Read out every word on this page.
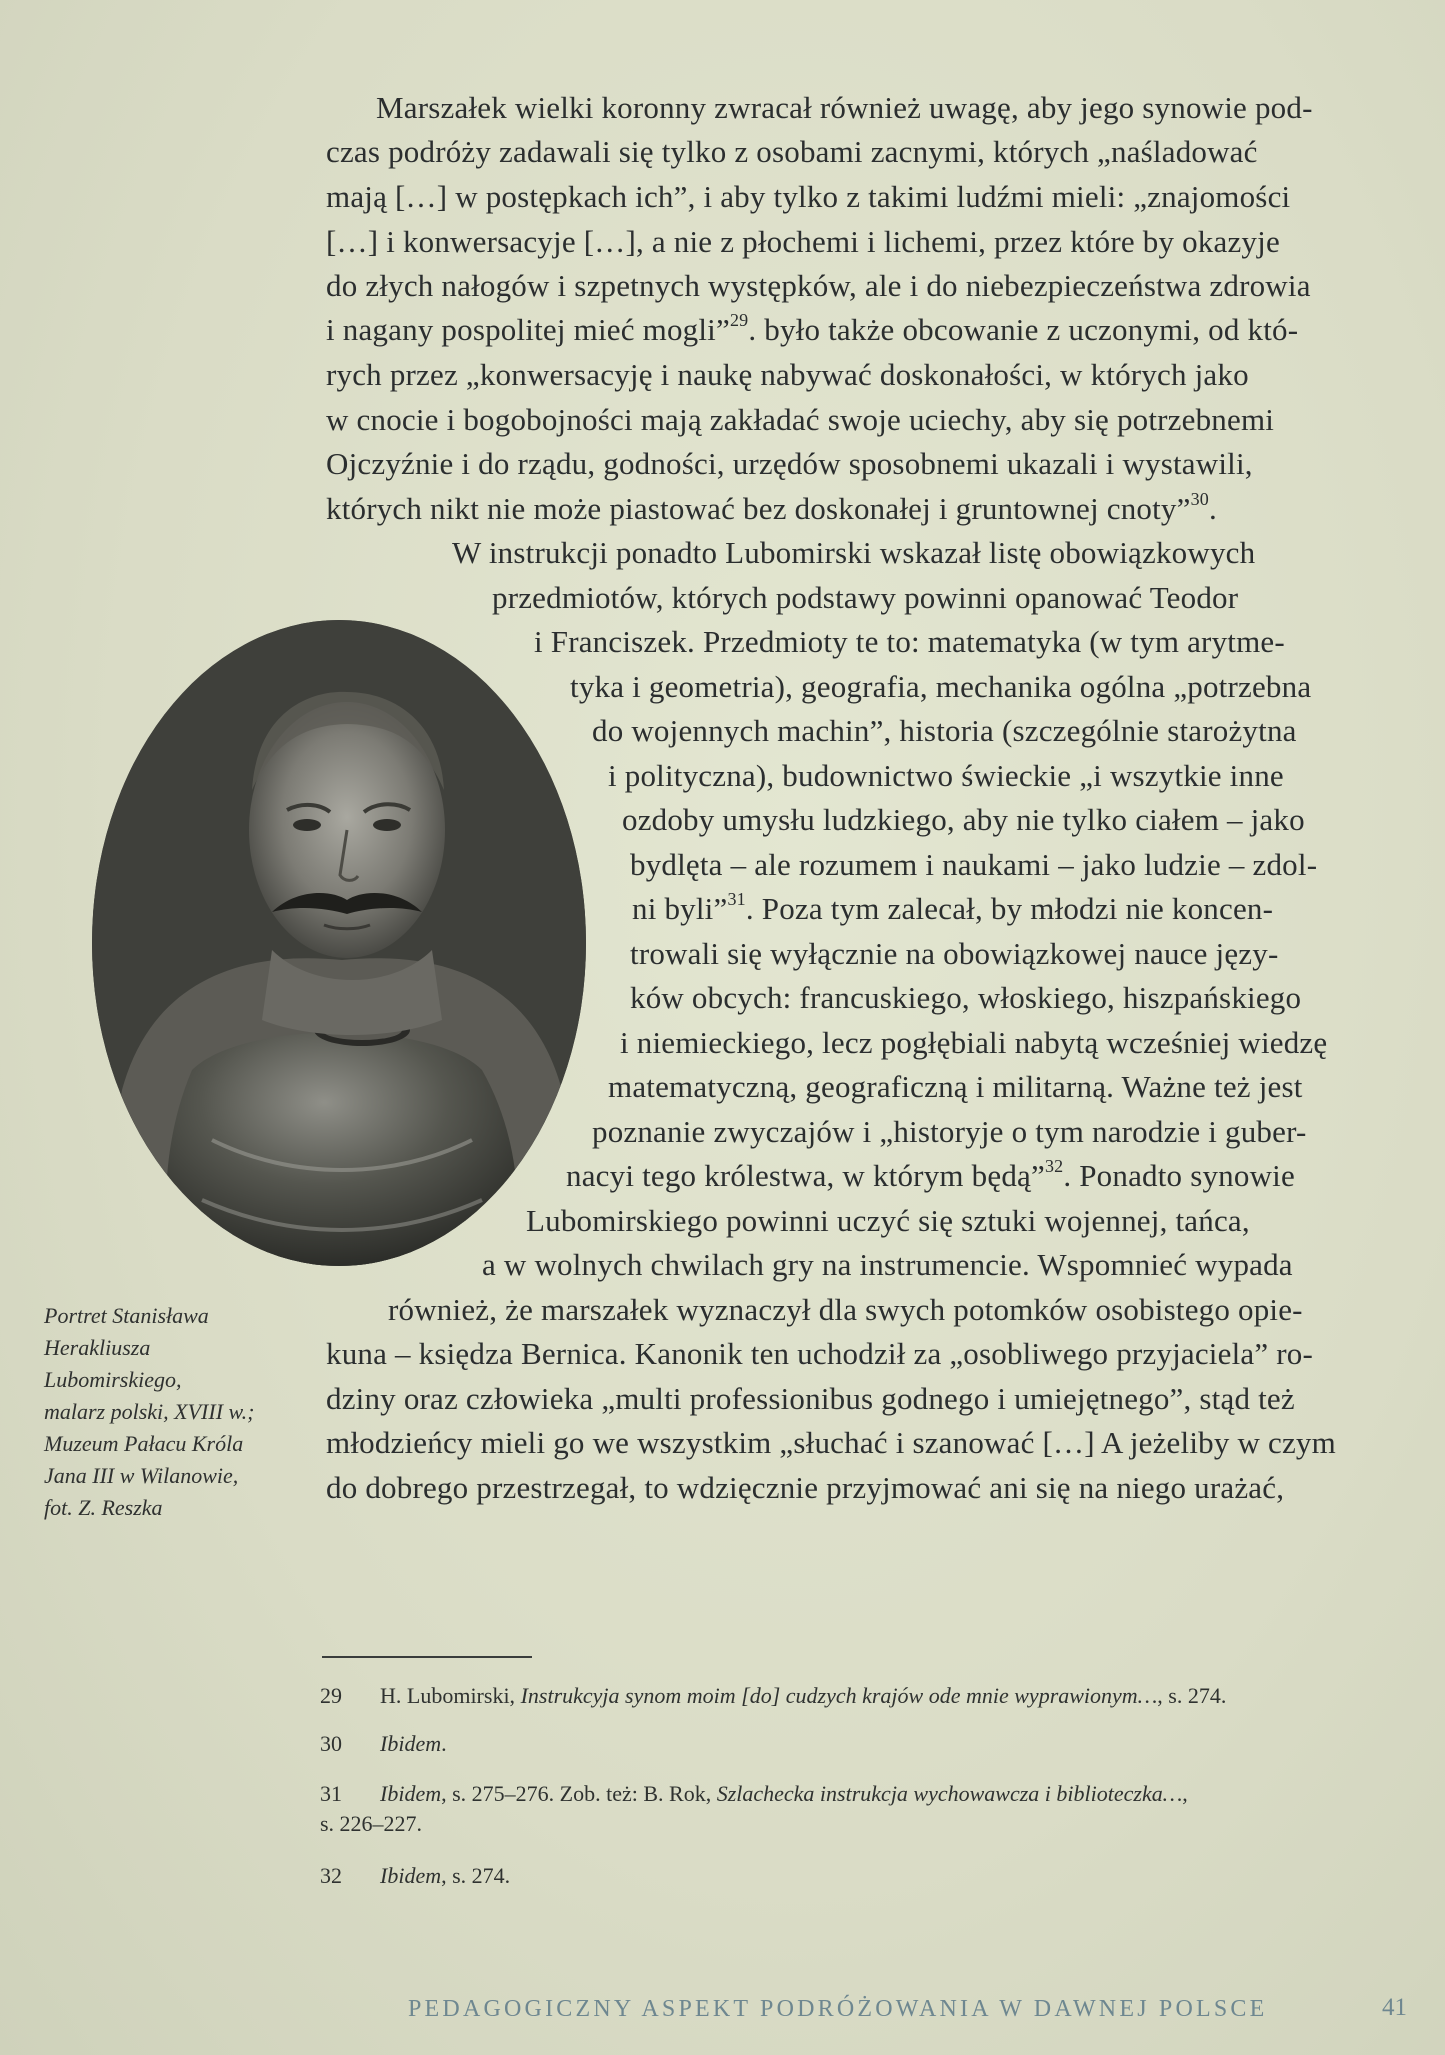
Marszałek wielki koronny zwracał również uwagę, aby jego synowie pod-
czas podróży zadawali się tylko z osobami zacnymi, których „naśladować
mają […] w postępkach ich”, i aby tylko z takimi ludźmi mieli: „znajomości
[…] i konwersacyje […], a nie z płochemi i lichemi, przez które by okazyje
do złych nałogów i szpetnych występków, ale i do niebezpieczeństwa zdrowia
i nagany pospolitej mieć mogli”$^{29}$. było także obcowanie z uczonymi, od któ-
rych przez „konwersacyję i naukę nabywać doskonałości, w których jako
w cnocie i bogobojności mają zakładać swoje uciechy, aby się potrzebnemi
Ojczyźnie i do rządu, godności, urzędów sposobnemi ukazali i wystawili,
których nikt nie może piastować bez doskonałej i gruntownej cnoty”$^{30}$.
W instrukcji ponadto Lubomirski wskazał listę obowiązkowych
przedmiotów, których podstawy powinni opanować Teodor
i Franciszek. Przedmioty te to: matematyka (w tym arytme-
tyka i geometria), geografia, mechanika ogólna „potrzebna
do wojennych machin”, historia (szczególnie starożytna
i polityczna), budownictwo świeckie „i wszytkie inne
ozdoby umysłu ludzkiego, aby nie tylko ciałem – jako
bydlęta – ale rozumem i naukami – jako ludzie – zdol-
ni byli”$^{31}$. Poza tym zalecał, by młodzi nie koncen-
trowali się wyłącznie na obowiązkowej nauce języ-
ków obcych: francuskiego, włoskiego, hiszpańskiego
i niemieckiego, lecz pogłębiali nabytą wcześniej wiedzę
matematyczną, geograficzną i militarną. Ważne też jest
poznanie zwyczajów i „historyje o tym narodzie i guber-
nacyi tego królestwa, w którym będą”$^{32}$. Ponadto synowie
Lubomirskiego powinni uczyć się sztuki wojennej, tańca,
a w wolnych chwilach gry na instrumencie. Wspomnieć wypada
również, że marszałek wyznaczył dla swych potomków osobistego opie-
kuna – księdza Bernica. Kanonik ten uchodził za „osobliwego przyjaciela” ro-
dziny oraz człowieka „multi professionibus godnego i umiejętnego”, stąd też
młodzieńcy mieli go we wszystkim „słuchać i szanować […] A jeżeliby w czym
do dobrego przestrzegał, to wdzięcznie przyjmować ani się na niego urażać,
Portret Stanisława
Herakliusza
Lubomirskiego,
malarz polski, XVIII w.;
Muzeum Pałacu Króla
Jana III w Wilanowie,
fot. Z. Reszka
29 H. Lubomirski, Instrukcyja synom moim [do] cudzych krajów ode mnie wyprawionym…, s. 274.
30 Ibidem.
31 Ibidem, s. 275–276. Zob. też: B. Rok, Szlachecka instrukcja wychowawcza i biblioteczka…,
s. 226–227.
32 Ibidem, s. 274.
PEDAGOGICZNY ASPEKT PODRÓŻOWANIA W DAWNEJ POLSCE	41
